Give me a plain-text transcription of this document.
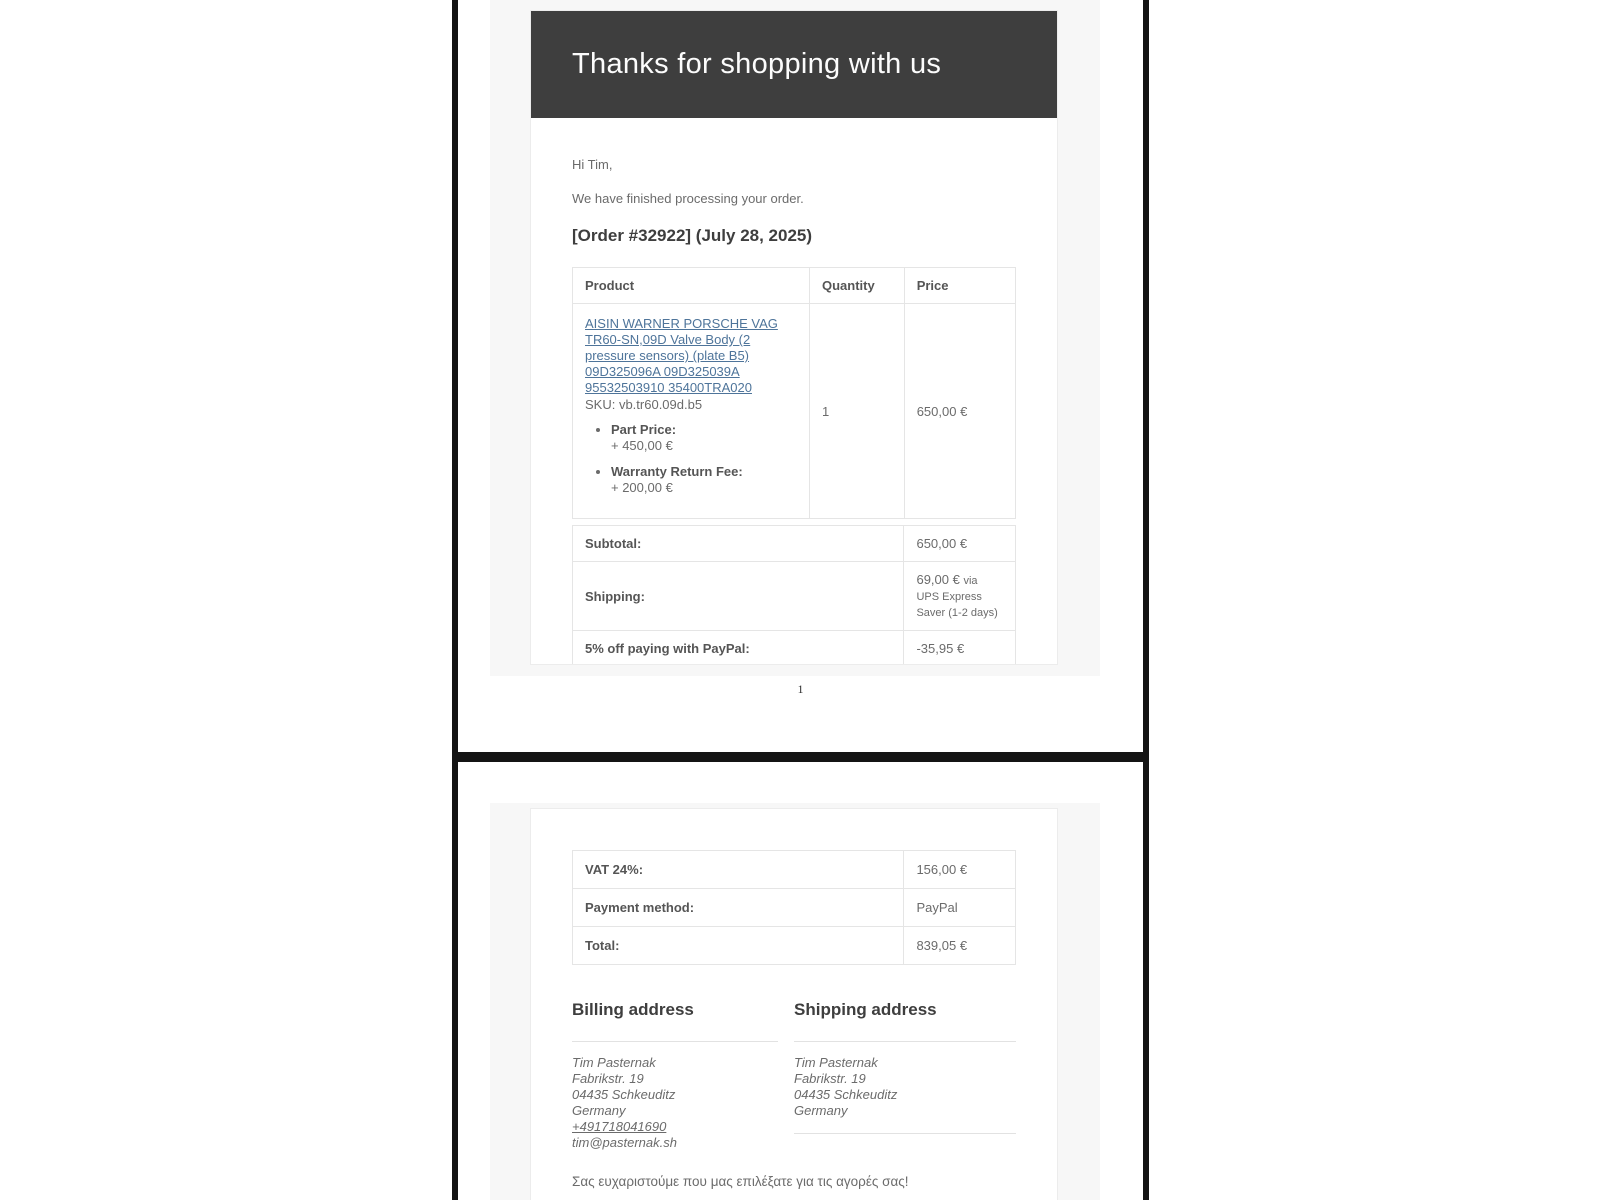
Thanks for shopping with us

Hi Tim,

We have finished processing your order.

[Order #32922] (July 28, 2025)
Product	Quantity	Price
AISIN WARNER PORSCHE VAG TR60-SN,09D Valve Body (2 pressure sensors) (plate B5) 09D325096A 09D325039A 95532503910 35400TRA020
SKU: vb.tr60.09d.b5
• Part Price:
+ 450,00 €
• Warranty Return Fee:
+ 200,00 €
	1	650,00 €
Subtotal:	650,00 €
Shipping:	69,00 € via UPS Express Saver (1-2 days)
5% off paying with PayPal:	-35,95 €
1
VAT 24%:	156,00 €
Payment method:	PayPal
Total:	839,05 €
Billing address
Tim Pasternak
Fabrikstr. 19
04435 Schkeuditz
Germany
+491718041690
tim@pasternak.sh
Shipping address
Tim Pasternak
Fabrikstr. 19
04435 Schkeuditz
Germany

Σας ευχαριστούμε που μας επιλέξατε για τις αγορές σας!
